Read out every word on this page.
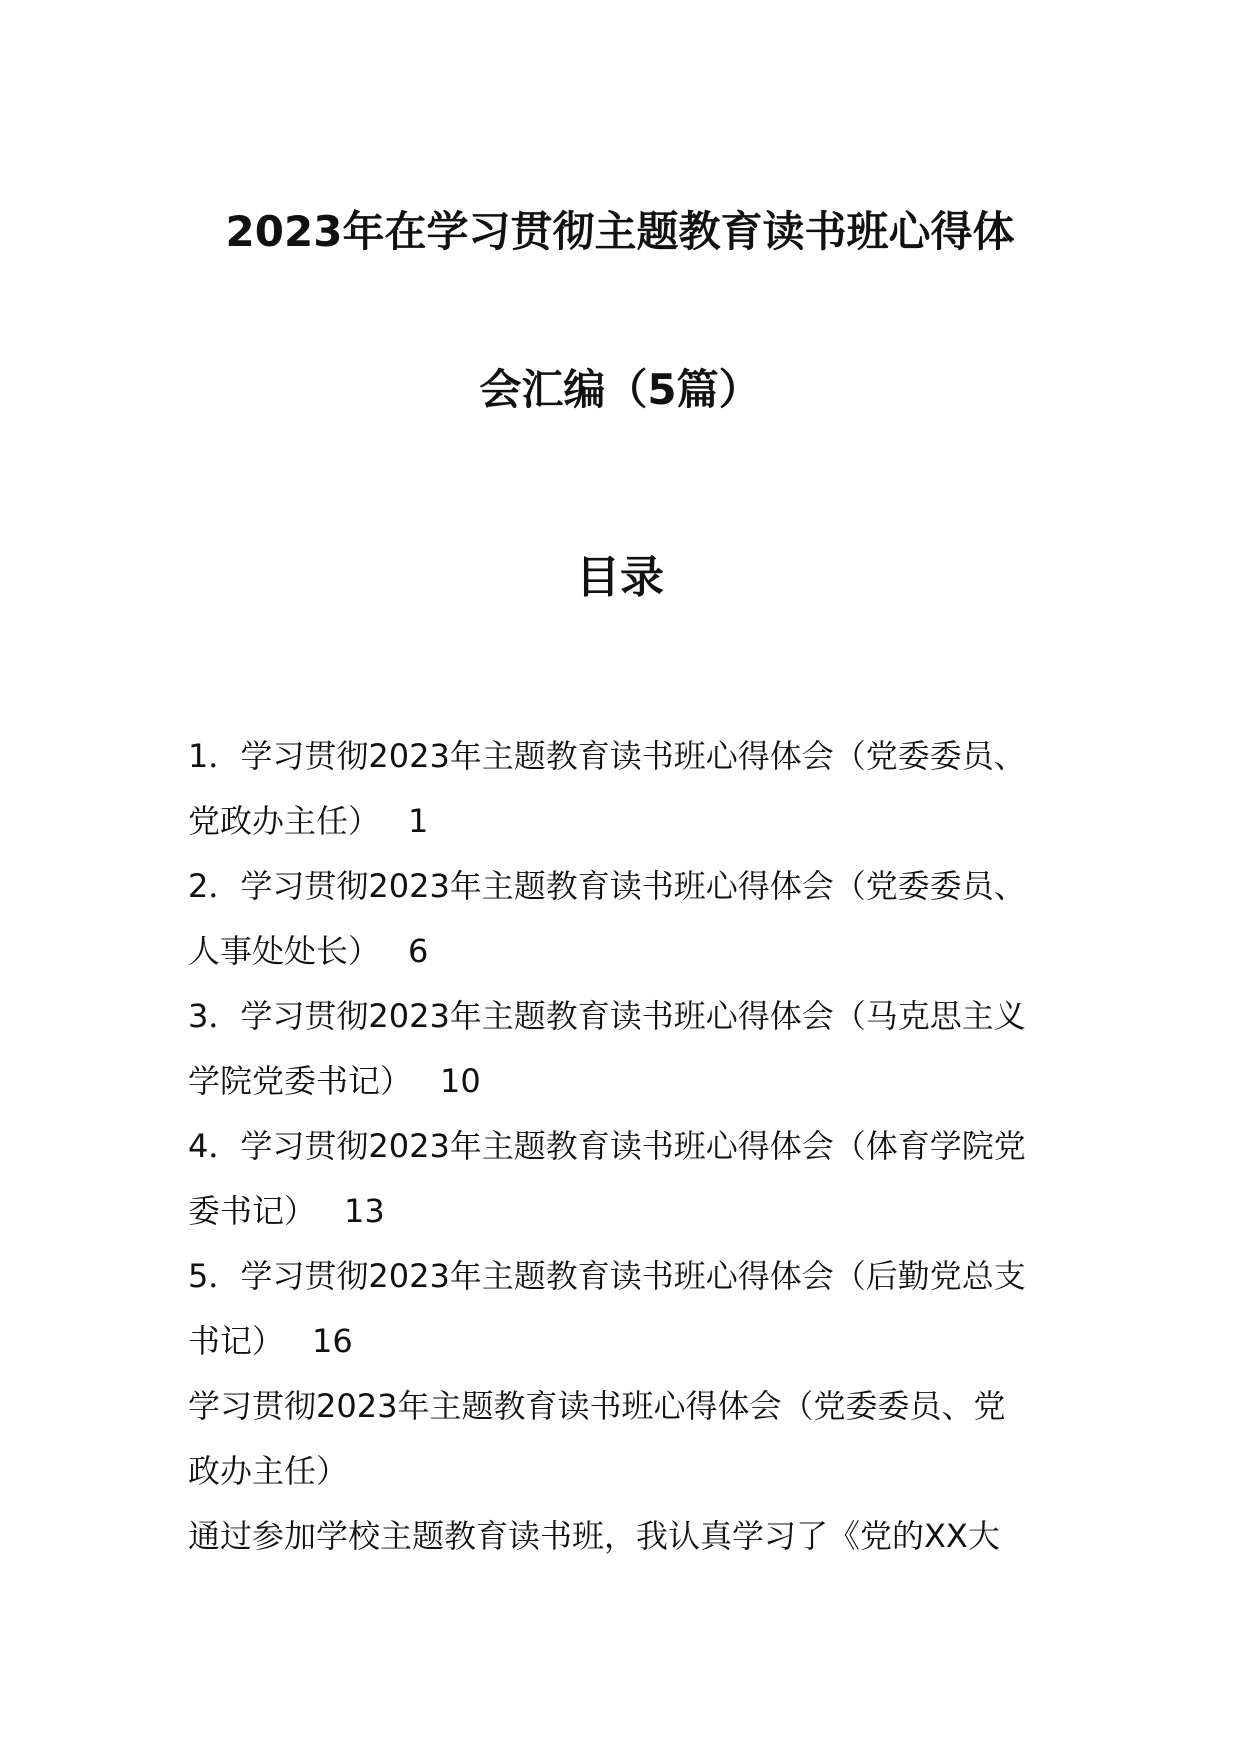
2023年在学习贯彻主题教育读书班心得体
会汇编（5篇）
目录
1．学习贯彻2023年主题教育读书班心得体会（党委委员、
党政办主任） 1
2．学习贯彻2023年主题教育读书班心得体会（党委委员、
人事处处长） 6
3．学习贯彻2023年主题教育读书班心得体会（马克思主义
学院党委书记） 10
4．学习贯彻2023年主题教育读书班心得体会（体育学院党
委书记） 13
5．学习贯彻2023年主题教育读书班心得体会（后勤党总支
书记） 16
学习贯彻2023年主题教育读书班心得体会（党委委员、党
政办主任）
通过参加学校主题教育读书班，我认真学习了《党的XX大
